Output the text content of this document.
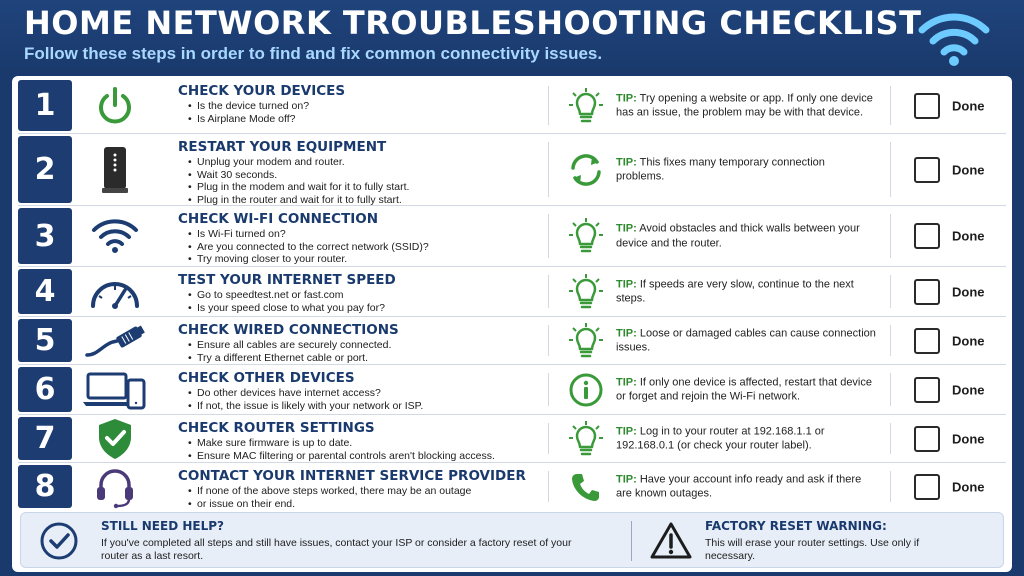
HOME NETWORK TROUBLESHOOTING CHECKLIST
Follow these steps in order to find and fix common connectivity issues.
1	CHECK YOUR DEVICES
• Is the device turned on?
• Is Airplane Mode off?
TIP: Try opening a website or app. If only one device has an issue, the problem may be with that device.	Done
2
RESTART YOUR EQUIPMENT
• Unplug your modem and router.
• Wait 30 seconds.
• Plug in the modem and wait for it to fully start.
• Plug in the router and wait for it to fully start.
TIP: This fixes many temporary connection problems.	Done
3	CHECK WI-FI CONNECTION
• Is Wi-Fi turned on?
• Are you connected to the correct network (SSID)?
• Try moving closer to your router.
TIP: Avoid obstacles and thick walls between your device and the router.	Done
4	TEST YOUR INTERNET SPEED
• Go to speedtest.net or fast.com
• Is your speed close to what you pay for?
TIP: If speeds are very slow, continue to the next steps.	Done
5	CHECK WIRED CONNECTIONS
• Ensure all cables are securely connected.
• Try a different Ethernet cable or port.
TIP: Loose or damaged cables can cause connection issues.	Done
6	CHECK OTHER DEVICES
• Do other devices have internet access?
• If not, the issue is likely with your network or ISP.
TIP: If only one device is affected, restart that device or forget and rejoin the Wi-Fi network.	Done
7	CHECK ROUTER SETTINGS
• Make sure firmware is up to date.
• Ensure MAC filtering or parental controls aren't blocking access.
TIP: Log in to your router at 192.168.1.1 or 192.168.0.1 (or check your router label).	Done
8	CONTACT YOUR INTERNET SERVICE PROVIDER
• If none of the above steps worked, there may be an outage
• or issue on their end.
TIP: Have your account info ready and ask if there are known outages.	Done
STILL NEED HELP?
If you've completed all steps and still have issues, contact your ISP or consider a factory reset of your router as a last resort.
FACTORY RESET WARNING:
This will erase your router settings. Use only if necessary.
